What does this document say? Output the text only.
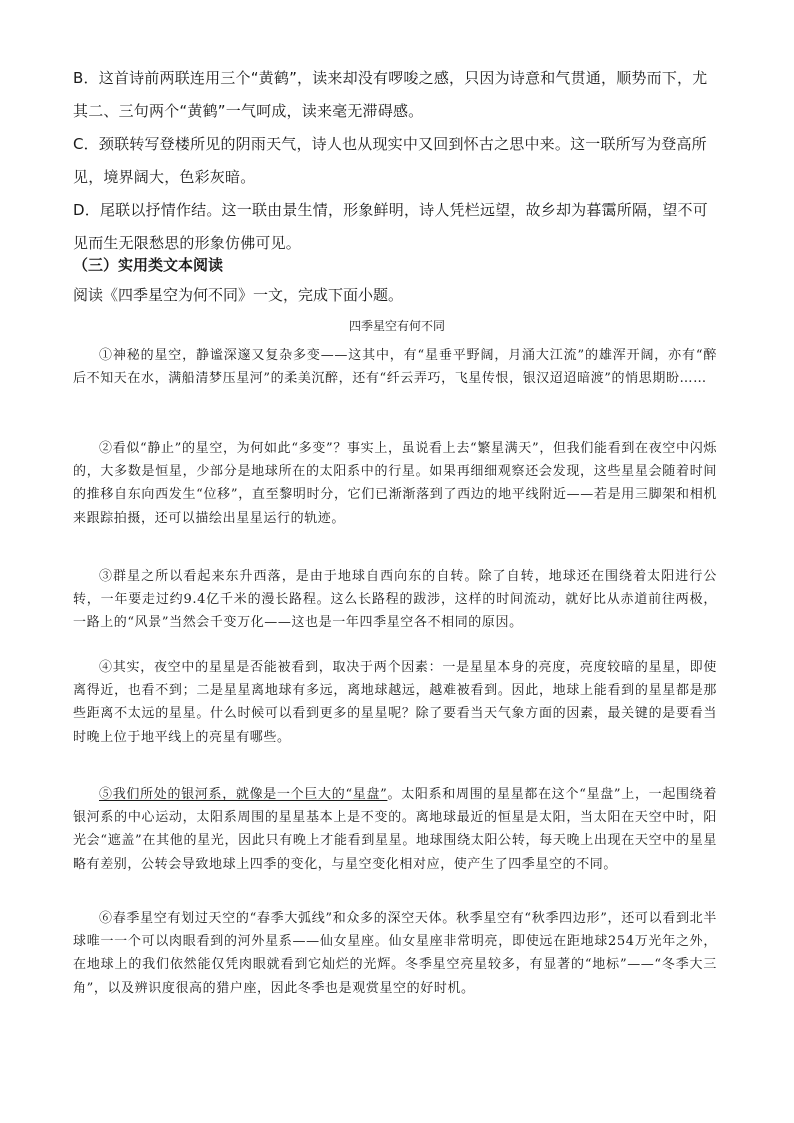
B．这首诗前两联连用三个“黄鹤”，读来却没有啰唆之感，只因为诗意和气贯通，顺势而下，尤其二、三句两个“黄鹤”一气呵成，读来毫无滞碍感。
C．颈联转写登楼所见的阴雨天气，诗人也从现实中又回到怀古之思中来。这一联所写为登高所见，境界阔大，色彩灰暗。
D．尾联以抒情作结。这一联由景生情，形象鲜明，诗人凭栏远望，故乡却为暮霭所隔，望不可见而生无限愁思的形象仿佛可见。
（三）实用类文本阅读
阅读《四季星空为何不同》一文，完成下面小题。
四季星空有何不同
①神秘的星空，静谧深邃又复杂多变——这其中，有“星垂平野阔，月涌大江流”的雄浑开阔，亦有“醉后不知天在水，满船清梦压星河”的柔美沉醉，还有“纤云弄巧，飞星传恨，银汉迢迢暗渡”的悄思期盼……
②看似“静止”的星空，为何如此“多变”？事实上，虽说看上去“繁星满天”，但我们能看到在夜空中闪烁的，大多数是恒星，少部分是地球所在的太阳系中的行星。如果再细细观察还会发现，这些星星会随着时间的推移自东向西发生“位移”，直至黎明时分，它们已渐渐落到了西边的地平线附近——若是用三脚架和相机来跟踪拍摄，还可以描绘出星星运行的轨迹。
③群星之所以看起来东升西落，是由于地球自西向东的自转。除了自转，地球还在围绕着太阳进行公转，一年要走过约9.4亿千米的漫长路程。这么长路程的跋涉，这样的时间流动，就好比从赤道前往两极，一路上的“风景”当然会千变万化——这也是一年四季星空各不相同的原因。
④其实，夜空中的星星是否能被看到，取决于两个因素：一是星星本身的亮度，亮度较暗的星星，即使离得近，也看不到；二是星星离地球有多远，离地球越远，越难被看到。因此，地球上能看到的星星都是那些距离不太远的星星。什么时候可以看到更多的星星呢？除了要看当天气象方面的因素，最关键的是要看当时晚上位于地平线上的亮星有哪些。
⑤我们所处的银河系，就像是一个巨大的“星盘”。太阳系和周围的星星都在这个“星盘”上，一起围绕着银河系的中心运动，太阳系周围的星星基本上是不变的。离地球最近的恒星是太阳，当太阳在天空中时，阳光会“遮盖”在其他的星光，因此只有晚上才能看到星星。地球围绕太阳公转，每天晚上出现在天空中的星星略有差别，公转会导致地球上四季的变化，与星空变化相对应，使产生了四季星空的不同。
⑥春季星空有划过天空的“春季大弧线”和众多的深空天体。秋季星空有“秋季四边形”，还可以看到北半球唯一一个可以肉眼看到的河外星系——仙女星座。仙女星座非常明亮，即使远在距地球254万光年之外，在地球上的我们依然能仅凭肉眼就看到它灿烂的光辉。冬季星空亮星较多，有显著的“地标”——“冬季大三角”，以及辨识度很高的猎户座，因此冬季也是观赏星空的好时机。
